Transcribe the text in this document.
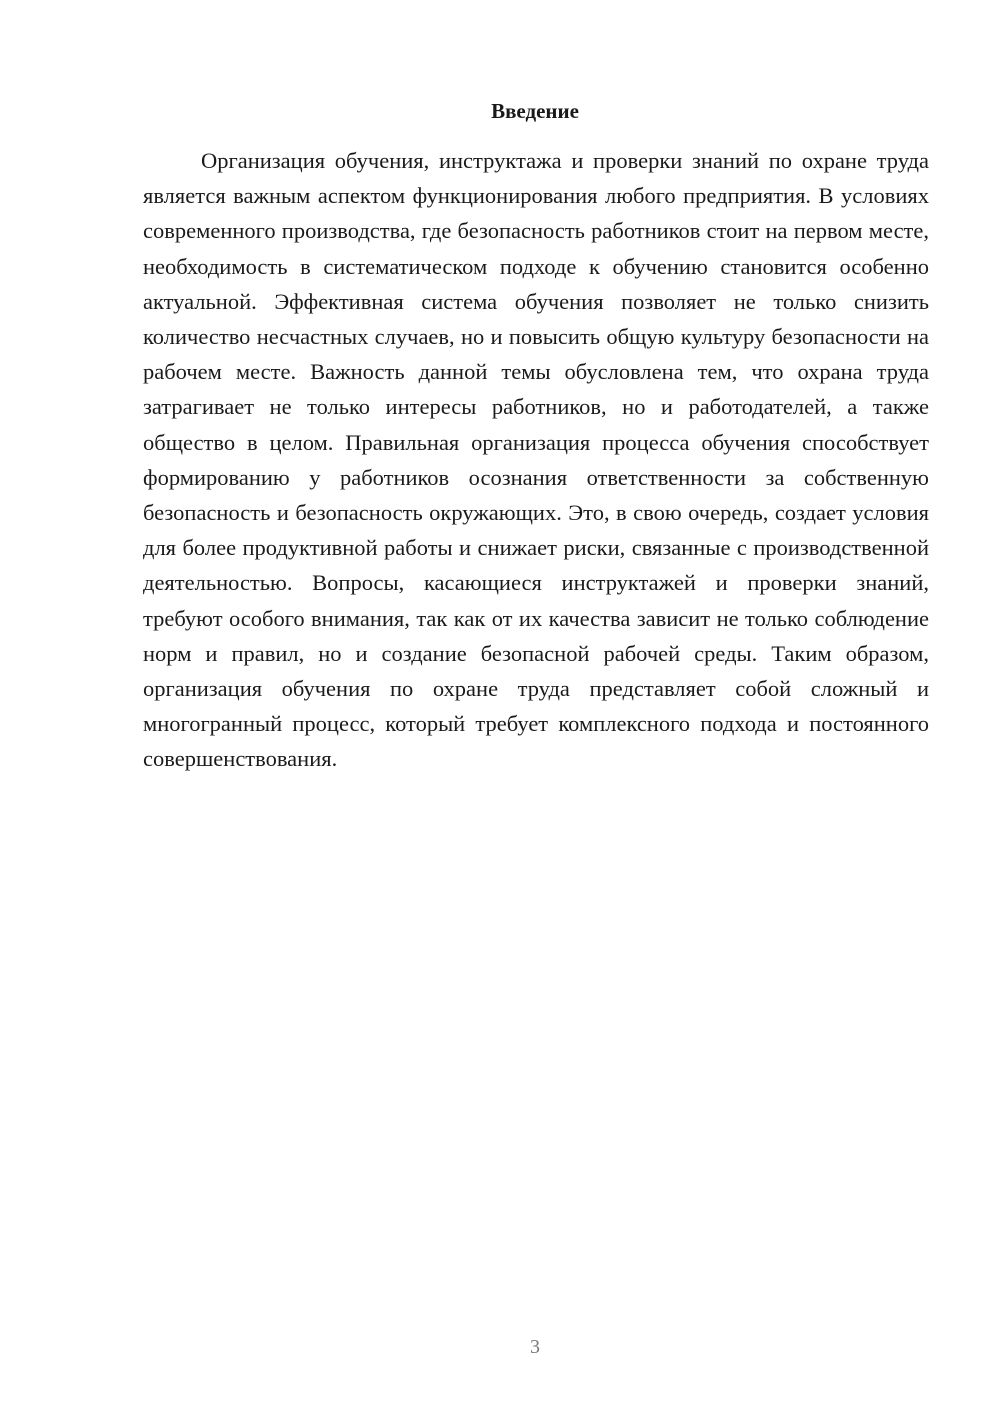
Введение

Организация обучения, инструктажа и проверки знаний по охране труда является важным аспектом функционирования любого предприятия. В условиях современного производства, где безопасность работников стоит на первом месте, необходимость в систематическом подходе к обучению становится особенно актуальной. Эффективная система обучения позволяет не только снизить количество несчастных случаев, но и повысить общую культуру безопасности на рабочем месте. Важность данной темы обусловлена тем, что охрана труда затрагивает не только интересы работников, но и работодателей, а также общество в целом. Правильная организация процесса обучения способствует формированию у работников осознания ответственности за собственную безопасность и безопасность окружающих. Это, в свою очередь, создает условия для более продуктивной работы и снижает риски, связанные с производственной деятельностью. Вопросы, касающиеся инструктажей и проверки знаний, требуют особого внимания, так как от их качества зависит не только соблюдение норм и правил, но и создание безопасной рабочей среды. Таким образом, организация обучения по охране труда представляет собой сложный и многогранный процесс, который требует комплексного подхода и постоянного совершенствования.

3
